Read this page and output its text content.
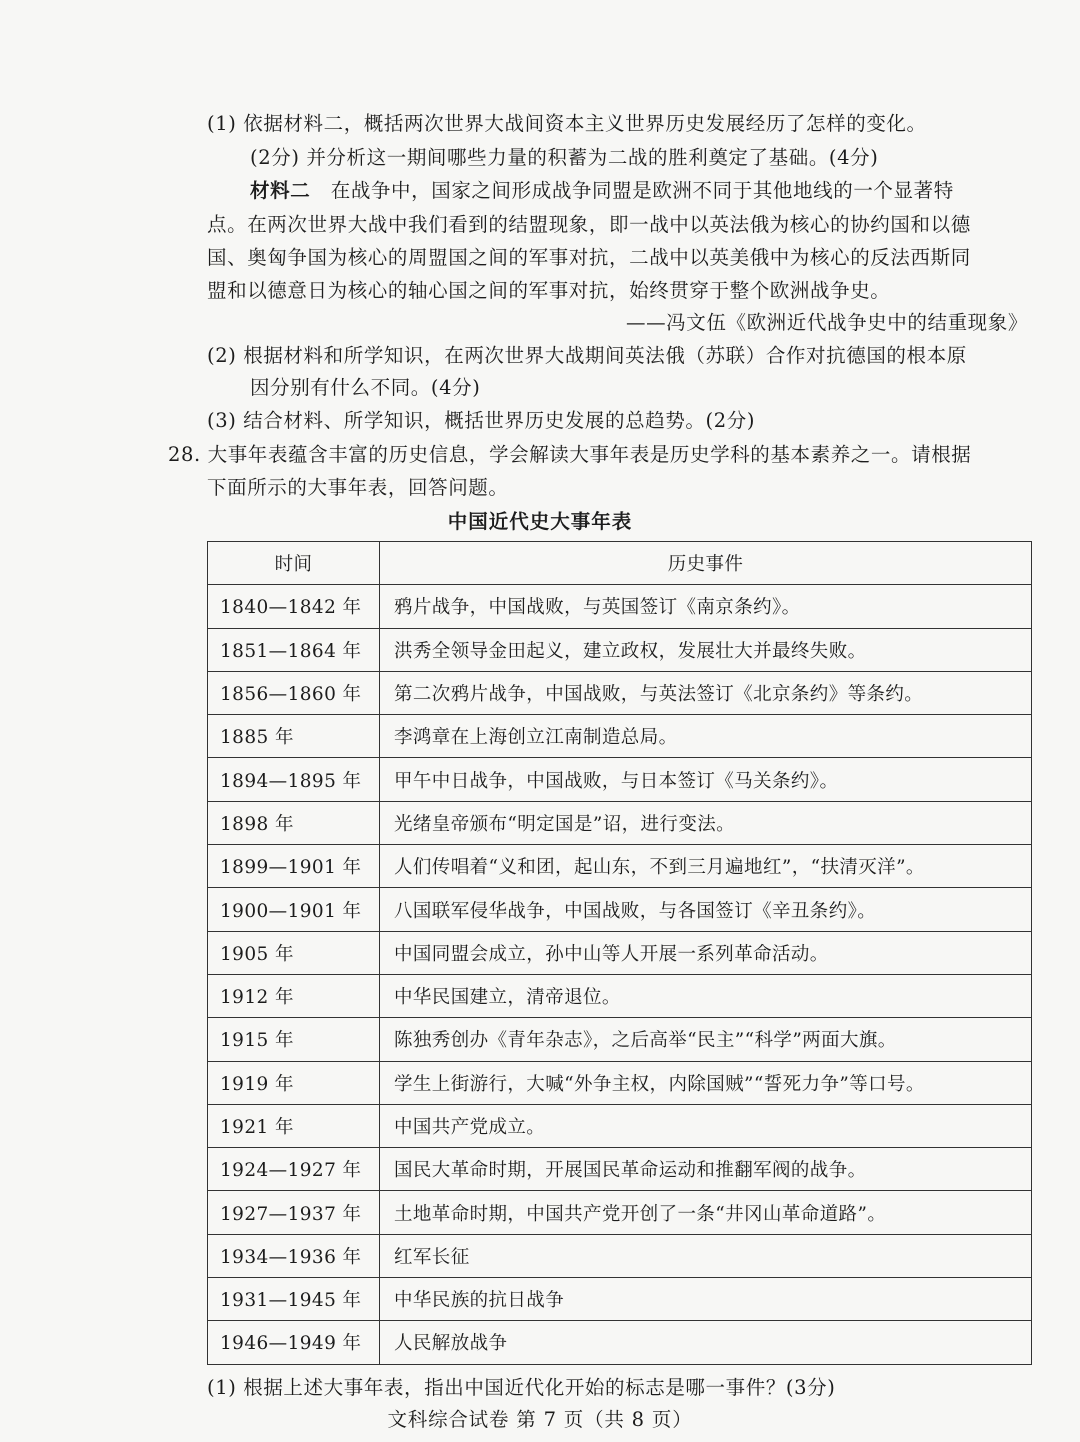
(1) 依据材料二，概括两次世界大战间资本主义世界历史发展经历了怎样的变化。
(2分) 并分析这一期间哪些力量的积蓄为二战的胜利奠定了基础。(4分)
材料二 在战争中，国家之间形成战争同盟是欧洲不同于其他地线的一个显著特
点。在两次世界大战中我们看到的结盟现象，即一战中以英法俄为核心的协约国和以德
国、奥匈争国为核心的周盟国之间的军事对抗，二战中以英美俄中为核心的反法西斯同
盟和以德意日为核心的轴心国之间的军事对抗，始终贯穿于整个欧洲战争史。
——冯文伍《欧洲近代战争史中的结重现象》
(2) 根据材料和所学知识，在两次世界大战期间英法俄（苏联）合作对抗德国的根本原
因分别有什么不同。(4分)
(3) 结合材料、所学知识，概括世界历史发展的总趋势。(2分)
28. 大事年表蕴含丰富的历史信息，学会解读大事年表是历史学科的基本素养之一。请根据
下面所示的大事年表，回答问题。
中国近代史大事年表
时间	历史事件
1840—1842 年	鸦片战争，中国战败，与英国签订《南京条约》。
1851—1864 年	洪秀全领导金田起义，建立政权，发展壮大并最终失败。
1856—1860 年	第二次鸦片战争，中国战败，与英法签订《北京条约》等条约。
1885 年	李鸿章在上海创立江南制造总局。
1894—1895 年	甲午中日战争，中国战败，与日本签订《马关条约》。
1898 年	光绪皇帝颁布“明定国是”诏，进行变法。
1899—1901 年	人们传唱着“义和团，起山东，不到三月遍地红”，“扶清灭洋”。
1900—1901 年	八国联军侵华战争，中国战败，与各国签订《辛丑条约》。
1905 年	中国同盟会成立，孙中山等人开展一系列革命活动。
1912 年	中华民国建立，清帝退位。
1915 年	陈独秀创办《青年杂志》，之后高举“民主”“科学”两面大旗。
1919 年	学生上街游行，大喊“外争主权，内除国贼”“誓死力争”等口号。
1921 年	中国共产党成立。
1924—1927 年	国民大革命时期，开展国民革命运动和推翻军阀的战争。
1927—1937 年	土地革命时期，中国共产党开创了一条“井冈山革命道路”。
1934—1936 年	红军长征
1931—1945 年	中华民族的抗日战争
1946—1949 年	人民解放战争
(1) 根据上述大事年表，指出中国近代化开始的标志是哪一事件？(3分)
文科综合试卷 第 7 页（共 8 页）
